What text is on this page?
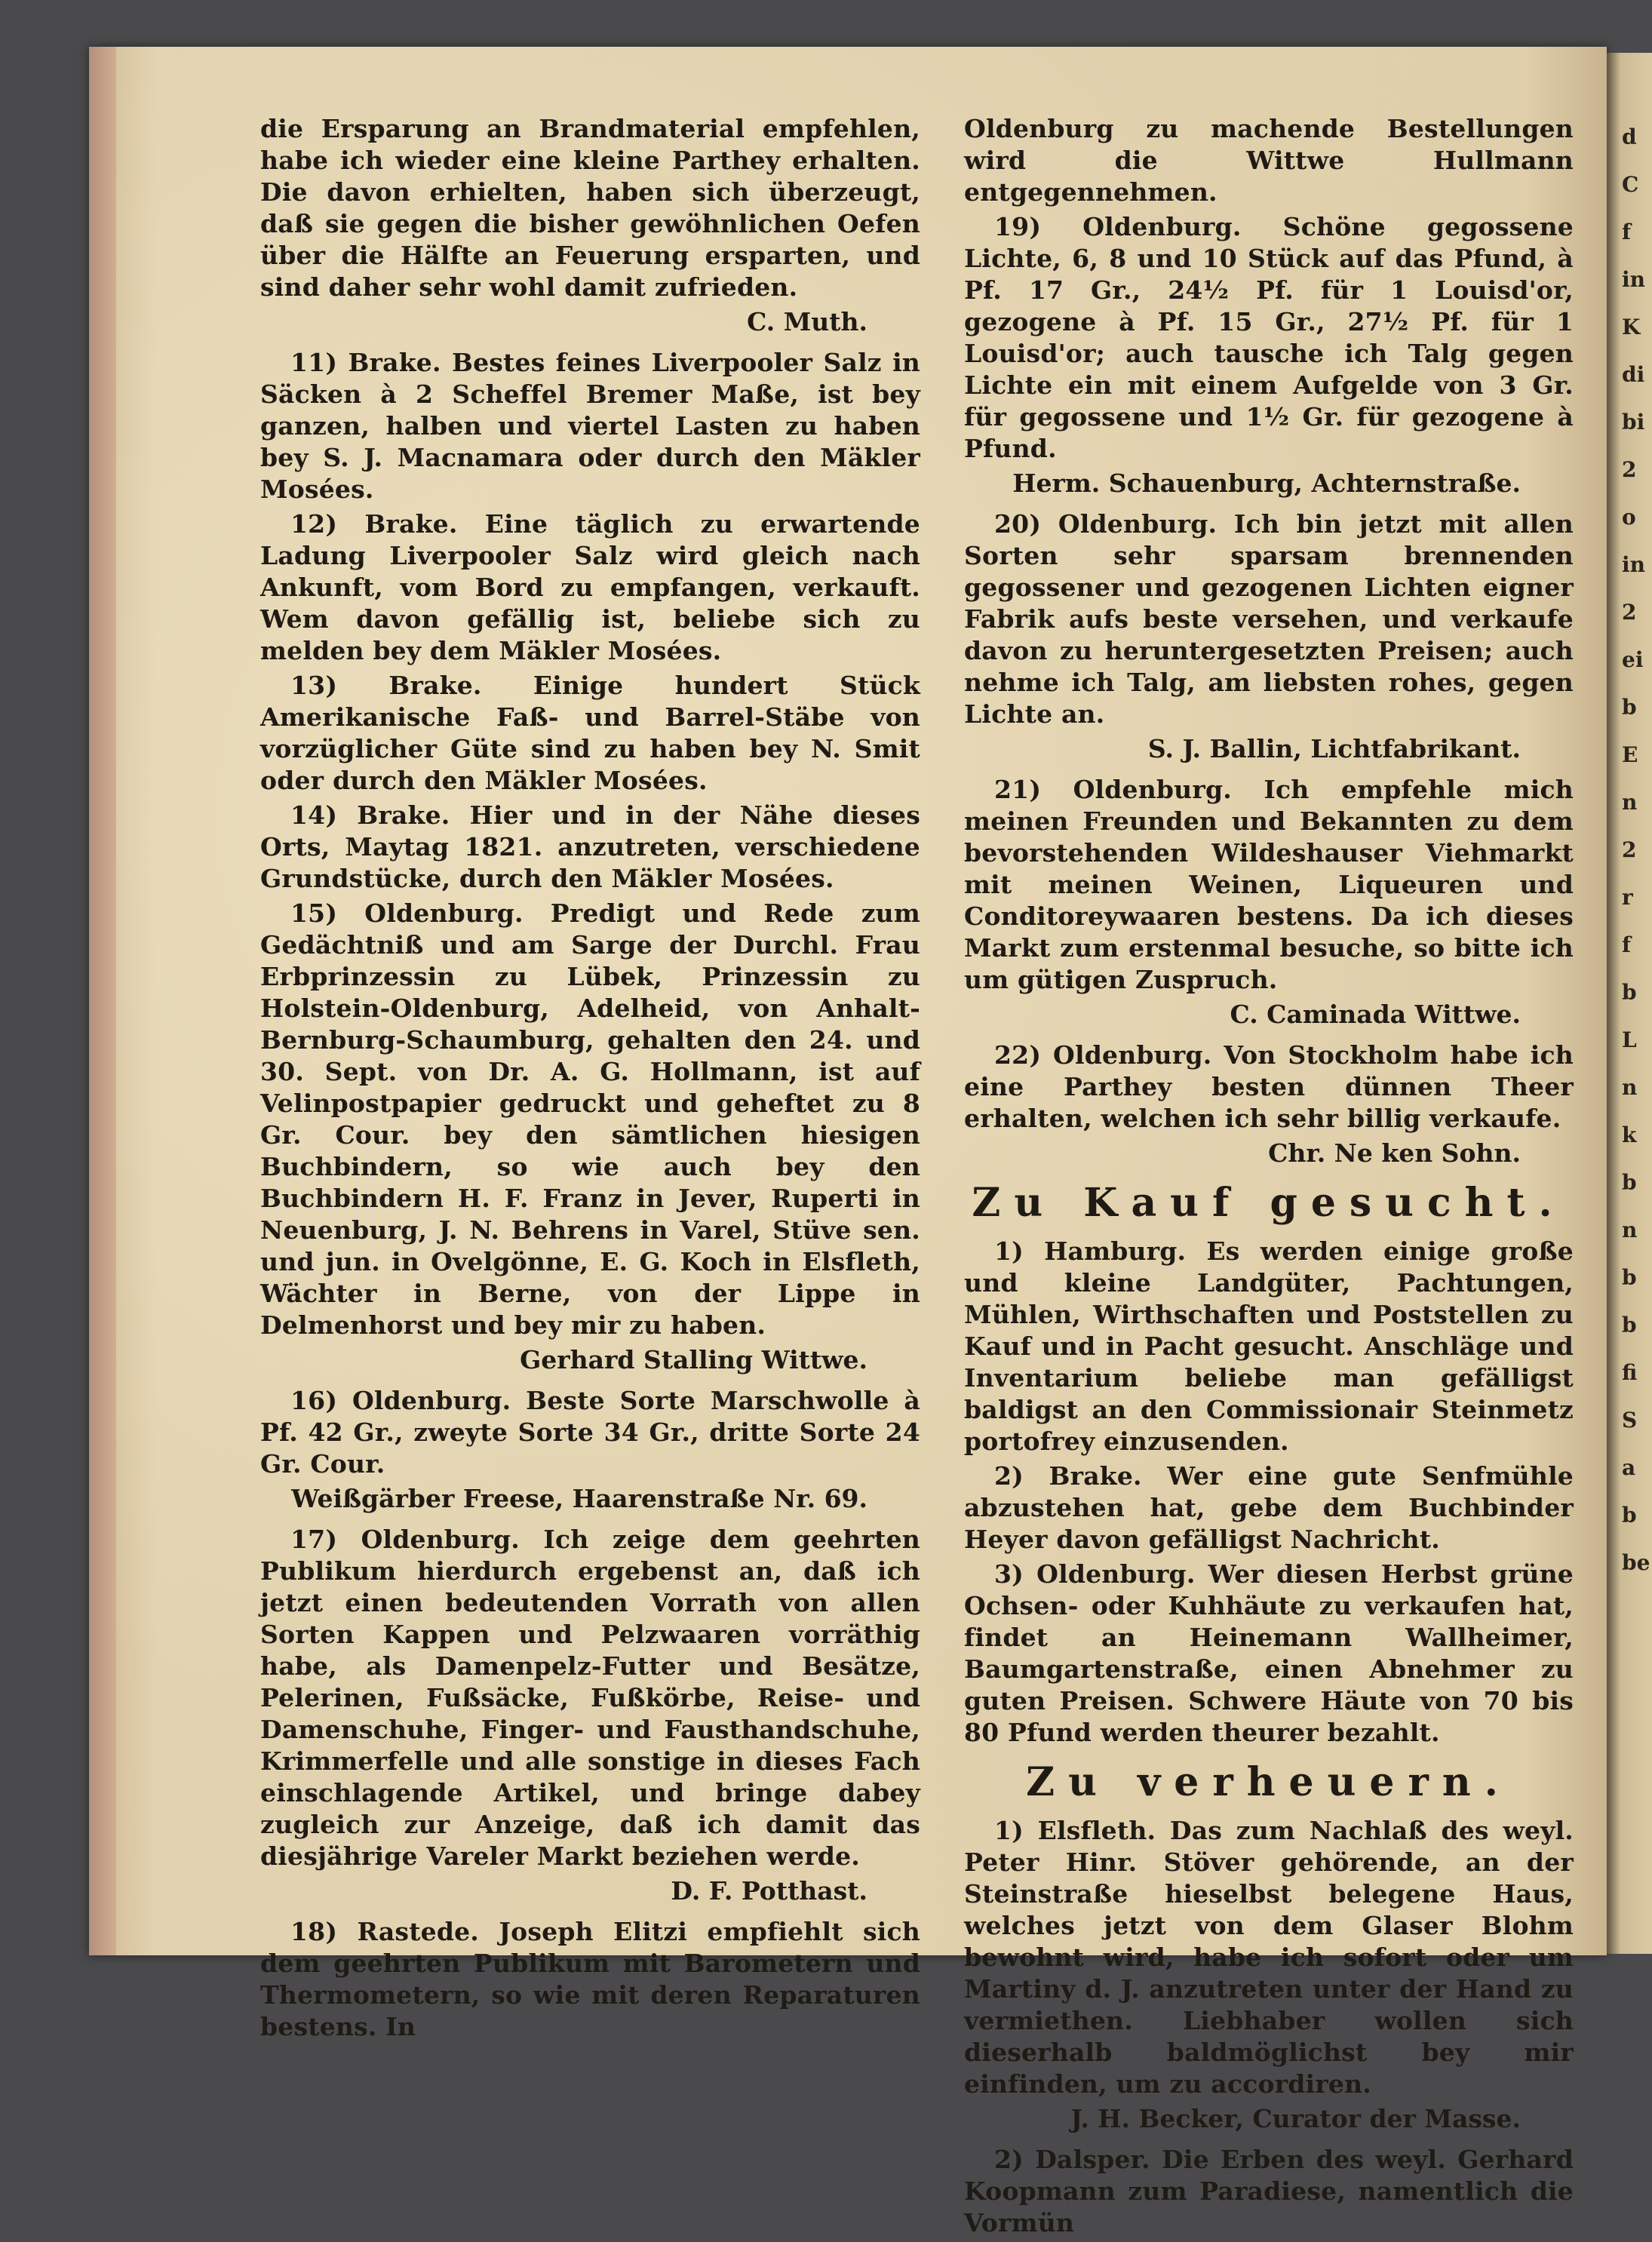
die Ersparung an Brandmaterial empfehlen, habe ich wieder eine kleine Parthey erhalten. Die davon erhielten, haben sich überzeugt, daß sie gegen die bisher gewöhnlichen Oefen über die Hälfte an Feuerung ersparten, und sind daher sehr wohl damit zufrieden.

C. Muth.

11) Brake. Bestes feines Liverpooler Salz in Säcken à 2 Scheffel Bremer Maße, ist bey ganzen, halben und viertel Lasten zu haben bey S. J. Macnamara oder durch den Mäkler Mosées.

12) Brake. Eine täglich zu erwartende Ladung Liverpooler Salz wird gleich nach Ankunft, vom Bord zu empfangen, verkauft. Wem davon gefällig ist, beliebe sich zu melden bey dem Mäkler Mosées.

13) Brake. Einige hundert Stück Amerikanische Faß- und Barrel-Stäbe von vorzüglicher Güte sind zu haben bey N. Smit oder durch den Mäkler Mosées.

14) Brake. Hier und in der Nähe dieses Orts, Maytag 1821. anzutreten, verschiedene Grundstücke, durch den Mäkler Mosées.

15) Oldenburg. Predigt und Rede zum Gedächtniß und am Sarge der Durchl. Frau Erbprinzessin zu Lübek, Prinzessin zu Holstein-Oldenburg, Adelheid, von Anhalt-Bernburg-Schaumburg, gehalten den 24. und 30. Sept. von Dr. A. G. Hollmann, ist auf Velinpostpapier gedruckt und geheftet zu 8 Gr. Cour. bey den sämtlichen hiesigen Buchbindern, so wie auch bey den Buchbindern H. F. Franz in Jever, Ruperti in Neuenburg, J. N. Behrens in Varel, Stüve sen. und jun. in Ovelgönne, E. G. Koch in Elsfleth, Wächter in Berne, von der Lippe in Delmenhorst und bey mir zu haben.

Gerhard Stalling Wittwe.

16) Oldenburg. Beste Sorte Marschwolle à Pf. 42 Gr., zweyte Sorte 34 Gr., dritte Sorte 24 Gr. Cour.

Weißgärber Freese, Haarenstraße Nr. 69.

17) Oldenburg. Ich zeige dem geehrten Publikum hierdurch ergebenst an, daß ich jetzt einen bedeutenden Vorrath von allen Sorten Kappen und Pelzwaaren vorräthig habe, als Damenpelz-Futter und Besätze, Pelerinen, Fußsäcke, Fußkörbe, Reise- und Damenschuhe, Finger- und Fausthandschuhe, Krimmerfelle und alle sonstige in dieses Fach einschlagende Artikel, und bringe dabey zugleich zur Anzeige, daß ich damit das diesjährige Vareler Markt beziehen werde.

D. F. Potthast.

18) Rastede. Joseph Elitzi empfiehlt sich dem geehrten Publikum mit Barometern und Thermometern, so wie mit deren Reparaturen bestens. In

Oldenburg zu machende Bestellungen wird die Wittwe Hullmann entgegennehmen.

19) Oldenburg. Schöne gegossene Lichte, 6, 8 und 10 Stück auf das Pfund, à Pf. 17 Gr., 24½ Pf. für 1 Louisd'or, gezogene à Pf. 15 Gr., 27½ Pf. für 1 Louisd'or; auch tausche ich Talg gegen Lichte ein mit einem Aufgelde von 3 Gr. für gegossene und 1½ Gr. für gezogene à Pfund.

Herm. Schauenburg, Achternstraße.

20) Oldenburg. Ich bin jetzt mit allen Sorten sehr sparsam brennenden gegossener und gezogenen Lichten eigner Fabrik aufs beste versehen, und verkaufe davon zu heruntergesetzten Preisen; auch nehme ich Talg, am liebsten rohes, gegen Lichte an.

S. J. Ballin, Lichtfabrikant.

21) Oldenburg. Ich empfehle mich meinen Freunden und Bekannten zu dem bevorstehenden Wildeshauser Viehmarkt mit meinen Weinen, Liqueuren und Conditoreywaaren bestens. Da ich dieses Markt zum erstenmal besuche, so bitte ich um gütigen Zuspruch.

C. Caminada Wittwe.

22) Oldenburg. Von Stockholm habe ich eine Parthey besten dünnen Theer erhalten, welchen ich sehr billig verkaufe.

Chr. Ne ken Sohn.

Zu Kauf gesucht.

1) Hamburg. Es werden einige große und kleine Landgüter, Pachtungen, Mühlen, Wirthschaften und Poststellen zu Kauf und in Pacht gesucht. Anschläge und Inventarium beliebe man gefälligst baldigst an den Commissionair Steinmetz portofrey einzusenden.

2) Brake. Wer eine gute Senfmühle abzustehen hat, gebe dem Buchbinder Heyer davon gefälligst Nachricht.

3) Oldenburg. Wer diesen Herbst grüne Ochsen- oder Kuhhäute zu verkaufen hat, findet an Heinemann Wallheimer, Baumgartenstraße, einen Abnehmer zu guten Preisen. Schwere Häute von 70 bis 80 Pfund werden theurer bezahlt.

Zu verheuern.

1) Elsfleth. Das zum Nachlaß des weyl. Peter Hinr. Stöver gehörende, an der Steinstraße hieselbst belegene Haus, welches jetzt von dem Glaser Blohm bewohnt wird, habe ich sofort oder um Martiny d. J. anzutreten unter der Hand zu vermiethen. Liebhaber wollen sich dieserhalb baldmöglichst bey mir einfinden, um zu accordiren.

J. H. Becker, Curator der Masse.

2) Dalsper. Die Erben des weyl. Gerhard Koopmann zum Paradiese, namentlich die Vormün

d
C
f
in
K
di
bi
2
o
in
2
ei
b
E
n
2
r
f
b
L
n
k
b
n
b
b
fi
S
a
b
be
